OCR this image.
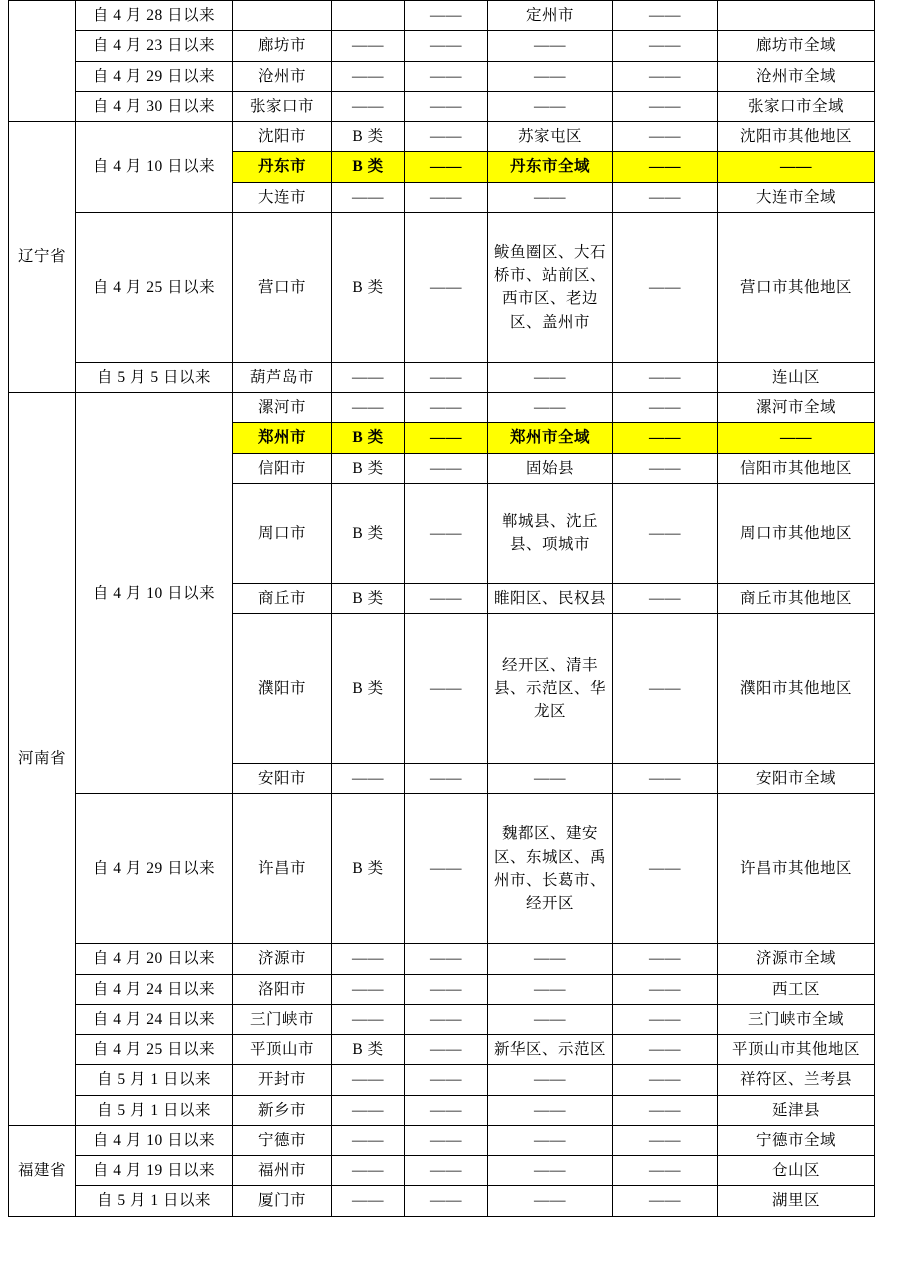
	自 4 月 28 日以来			——	定州市	——	
	自 4 月 23 日以来	廊坊市	——	——	——	——	廊坊市全域
	自 4 月 29 日以来	沧州市	——	——	——	——	沧州市全域
	自 4 月 30 日以来	张家口市	——	——	——	——	张家口市全域
辽宁省	自 4 月 10 日以来	沈阳市	B 类	——	苏家屯区	——	沈阳市其他地区
		丹东市	B 类	——	丹东市全域	——	——
		大连市	——	——	——	——	大连市全域
	自 4 月 25 日以来	营口市	B 类	——	鲅鱼圈区、大石桥市、站前区、西市区、老边区、盖州市	——	营口市其他地区
	自 5 月 5 日以来	葫芦岛市	——	——	——	——	连山区
河南省	自 4 月 10 日以来	漯河市	——	——	——	——	漯河市全域
		郑州市	B 类	——	郑州市全域	——	——
		信阳市	B 类	——	固始县	——	信阳市其他地区
		周口市	B 类	——	郸城县、沈丘县、项城市	——	周口市其他地区
		商丘市	B 类	——	睢阳区、民权县	——	商丘市其他地区
		濮阳市	B 类	——	经开区、清丰县、示范区、华龙区	——	濮阳市其他地区
		安阳市	——	——	——	——	安阳市全域
	自 4 月 29 日以来	许昌市	B 类	——	魏都区、建安区、东城区、禹州市、长葛市、经开区	——	许昌市其他地区
	自 4 月 20 日以来	济源市	——	——	——	——	济源市全域
	自 4 月 24 日以来	洛阳市	——	——	——	——	西工区
	自 4 月 24 日以来	三门峡市	——	——	——	——	三门峡市全域
	自 4 月 25 日以来	平顶山市	B 类	——	新华区、示范区	——	平顶山市其他地区
	自 5 月 1 日以来	开封市	——	——	——	——	祥符区、兰考县
	自 5 月 1 日以来	新乡市	——	——	——	——	延津县
福建省	自 4 月 10 日以来	宁德市	——	——	——	——	宁德市全域
	自 4 月 19 日以来	福州市	——	——	——	——	仓山区
	自 5 月 1 日以来	厦门市	——	——	——	——	湖里区
